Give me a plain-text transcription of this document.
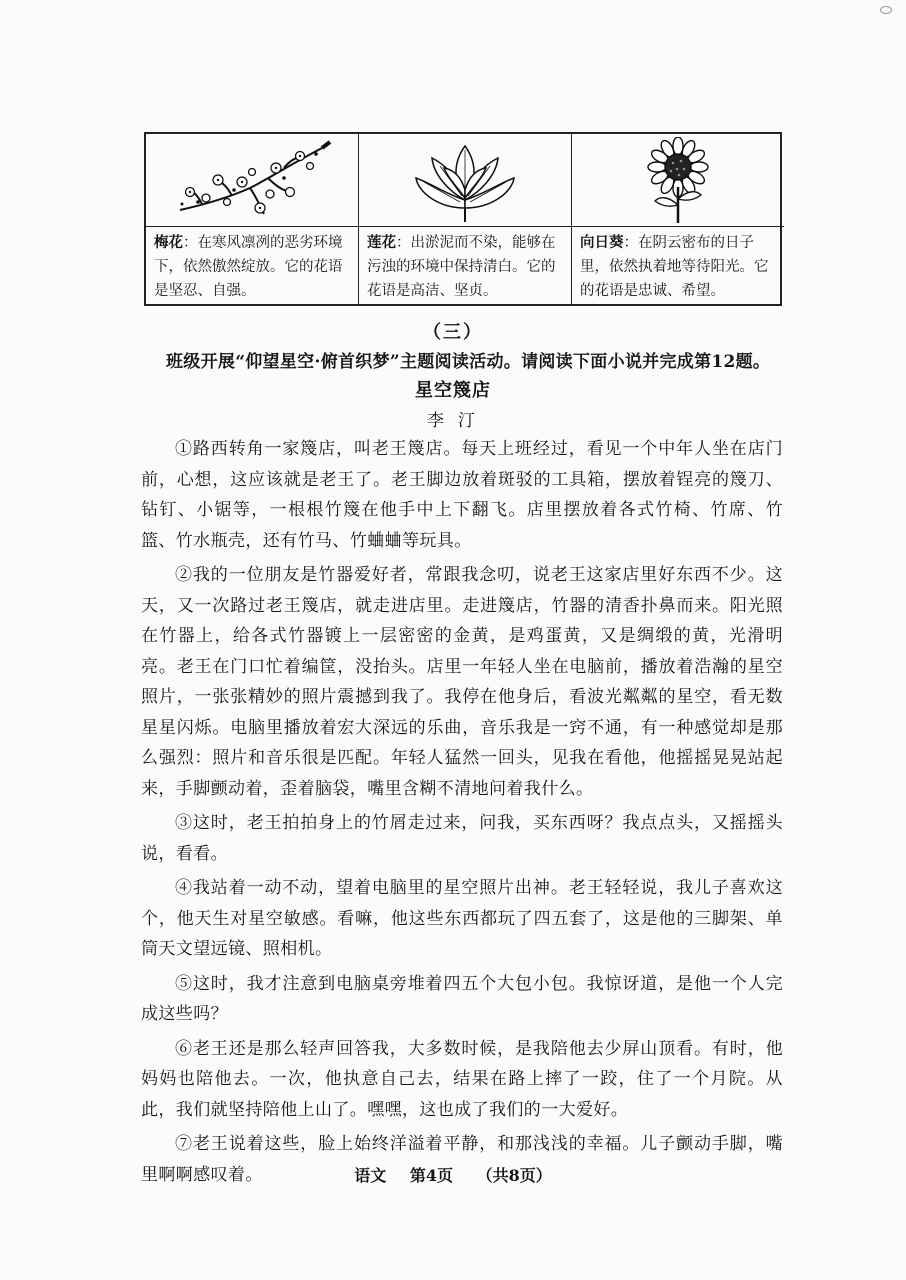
梅花：在寒风凛冽的恶劣环境下，依然傲然绽放。它的花语是坚忍、自强。
莲花：出淤泥而不染，能够在污浊的环境中保持清白。它的花语是高洁、坚贞。
向日葵：在阴云密布的日子里，依然执着地等待阳光。它的花语是忠诚、希望。
（三）
班级开展“仰望星空·俯首织梦”主题阅读活动。请阅读下面小说并完成第12题。
星空篾店
李汀

①路西转角一家篾店，叫老王篾店。每天上班经过，看见一个中年人坐在店门前，心想，这应该就是老王了。老王脚边放着斑驳的工具箱，摆放着锃亮的篾刀、钻钉、小锯等，一根根竹篾在他手中上下翻飞。店里摆放着各式竹椅、竹席、竹篮、竹水瓶壳，还有竹马、竹蛐蛐等玩具。

②我的一位朋友是竹器爱好者，常跟我念叨，说老王这家店里好东西不少。这天，又一次路过老王篾店，就走进店里。走进篾店，竹器的清香扑鼻而来。阳光照在竹器上，给各式竹器镀上一层密密的金黄，是鸡蛋黄，又是绸缎的黄，光滑明亮。老王在门口忙着编筐，没抬头。店里一年轻人坐在电脑前，播放着浩瀚的星空照片，一张张精妙的照片震撼到我了。我停在他身后，看波光粼粼的星空，看无数星星闪烁。电脑里播放着宏大深远的乐曲，音乐我是一窍不通，有一种感觉却是那么强烈：照片和音乐很是匹配。年轻人猛然一回头，见我在看他，他摇摇晃晃站起来，手脚颤动着，歪着脑袋，嘴里含糊不清地问着我什么。

③这时，老王拍拍身上的竹屑走过来，问我，买东西呀？我点点头，又摇摇头说，看看。

④我站着一动不动，望着电脑里的星空照片出神。老王轻轻说，我儿子喜欢这个，他天生对星空敏感。看嘛，他这些东西都玩了四五套了，这是他的三脚架、单筒天文望远镜、照相机。

⑤这时，我才注意到电脑桌旁堆着四五个大包小包。我惊讶道，是他一个人完成这些吗？

⑥老王还是那么轻声回答我，大多数时候，是我陪他去少屏山顶看。有时，他妈妈也陪他去。一次，他执意自己去，结果在路上摔了一跤，住了一个月院。从此，我们就坚持陪他上山了。嘿嘿，这也成了我们的一大爱好。

⑦老王说着这些，脸上始终洋溢着平静，和那浅浅的幸福。儿子颤动手脚，嘴里啊啊感叹着。	语文 第4页 （共8页）
